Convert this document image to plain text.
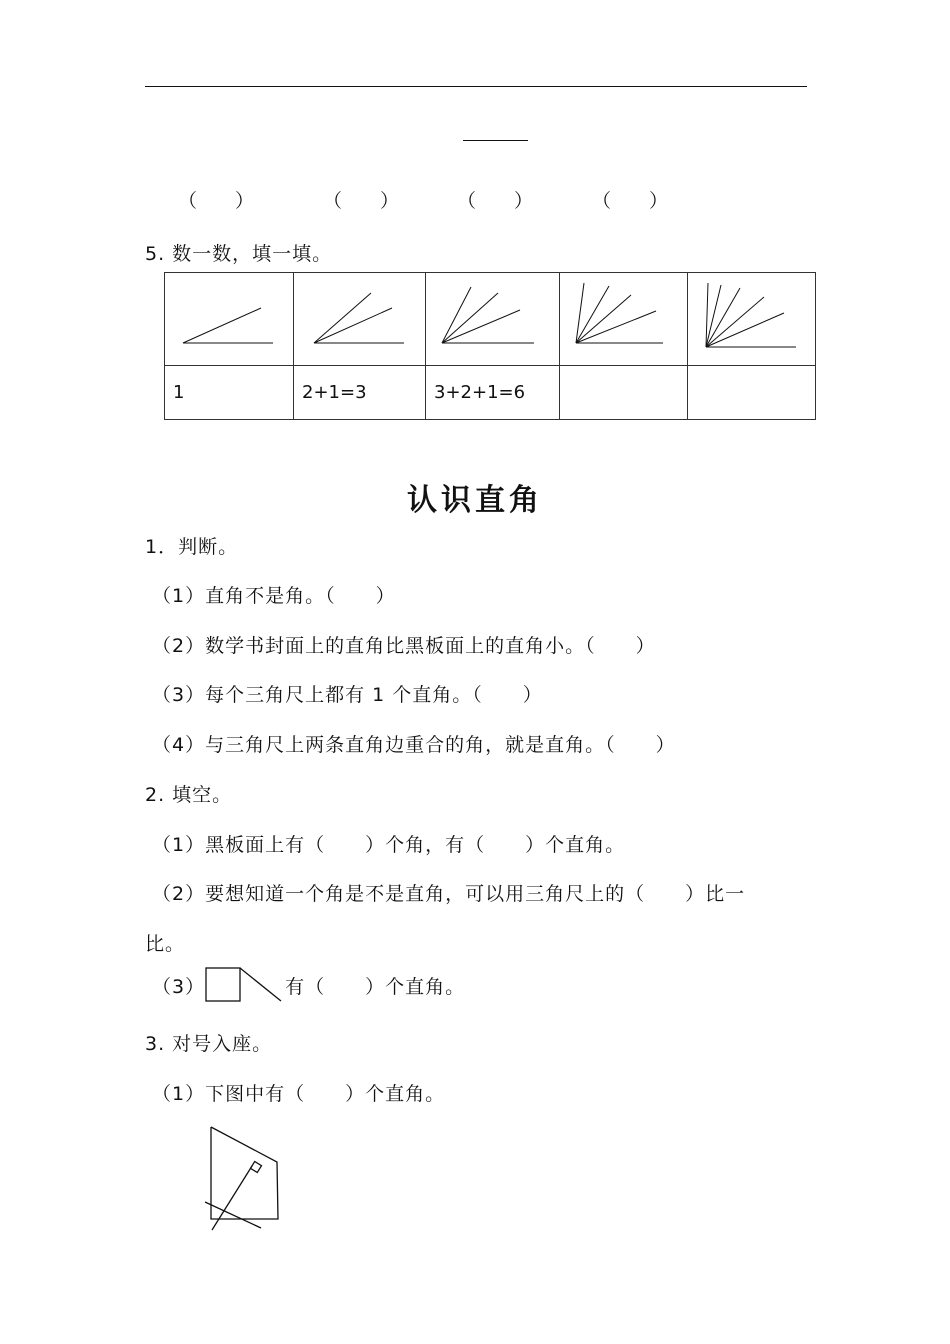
（　　）	（　　）	（　　）	（　　）
5. 数一数，填一填。

1	2+1=3	3+2+1=6		
认识直角
1．判断。
（1）直角不是角。（　　）
（2）数学书封面上的直角比黑板面上的直角小。（　　）
（3）每个三角尺上都有 1 个直角。（　　）
（4）与三角尺上两条直角边重合的角，就是直角。（　　）
2. 填空。
（1）黑板面上有（　　）个角，有（　　）个直角。
（2）要想知道一个角是不是直角，可以用三角尺上的（　　）比一
比。
（3）	有（　　）个直角。
3. 对号入座。
（1）下图中有（　　）个直角。
